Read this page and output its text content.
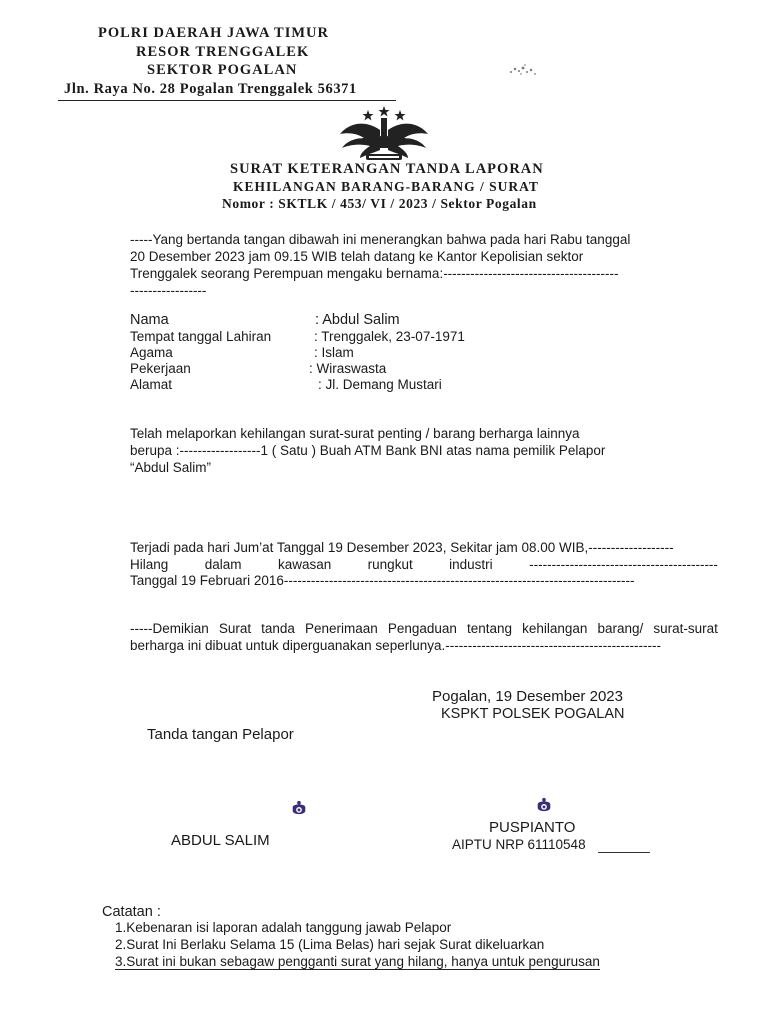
POLRI DAERAH JAWA TIMUR
RESOR TRENGGALEK
SEKTOR POGALAN
Jln. Raya No. 28 Pogalan Trenggalek 56371
SURAT KETERANGAN TANDA LAPORAN
KEHILANGAN BARANG-BARANG / SURAT
Nomor : SKTLK / 453/ VI / 2023 / Sektor Pogalan
-----Yang bertanda tangan dibawah ini menerangkan bahwa pada hari Rabu tanggal
20 Desember 2023 jam 09.15 WIB telah datang ke Kantor Kepolisian sektor
Trenggalek seorang Perempuan mengaku bernama:---------------------------------------
-----------------
Nama	: Abdul Salim
Tempat tanggal Lahiran	: Trenggalek, 23-07-1971
Agama	: Islam
Pekerjaan	: Wiraswasta
Alamat	: Jl. Demang Mustari
Telah melaporkan kehilangan surat-surat penting / barang berharga lainnya
berupa :------------------1 ( Satu ) Buah ATM Bank BNI atas nama pemilik Pelapor
“Abdul Salim”
Terjadi pada hari Jum’at Tanggal 19 Desember 2023, Sekitar jam 08.00 WIB,-------------------
Hilang	dalam	kawasan	rungkut	industri	------------------------------------------
Tanggal 19 Februari 2016------------------------------------------------------------------------------
-----Demikian Surat tanda Penerimaan Pengaduan tentang kehilangan barang/ surat-surat
berharga ini dibuat untuk diperguanakan seperlunya.------------------------------------------------
Pogalan, 19 Desember 2023
KSPKT POLSEK POGALAN
Tanda tangan Pelapor
ABDUL SALIM
PUSPIANTO
AIPTU NRP 61110548
Catatan :
1.Kebenaran isi laporan adalah tanggung jawab Pelapor
2.Surat Ini Berlaku Selama 15 (Lima Belas) hari sejak Surat dikeluarkan
3.Surat ini bukan sebagaw pengganti surat yang hilang, hanya untuk pengurusan
